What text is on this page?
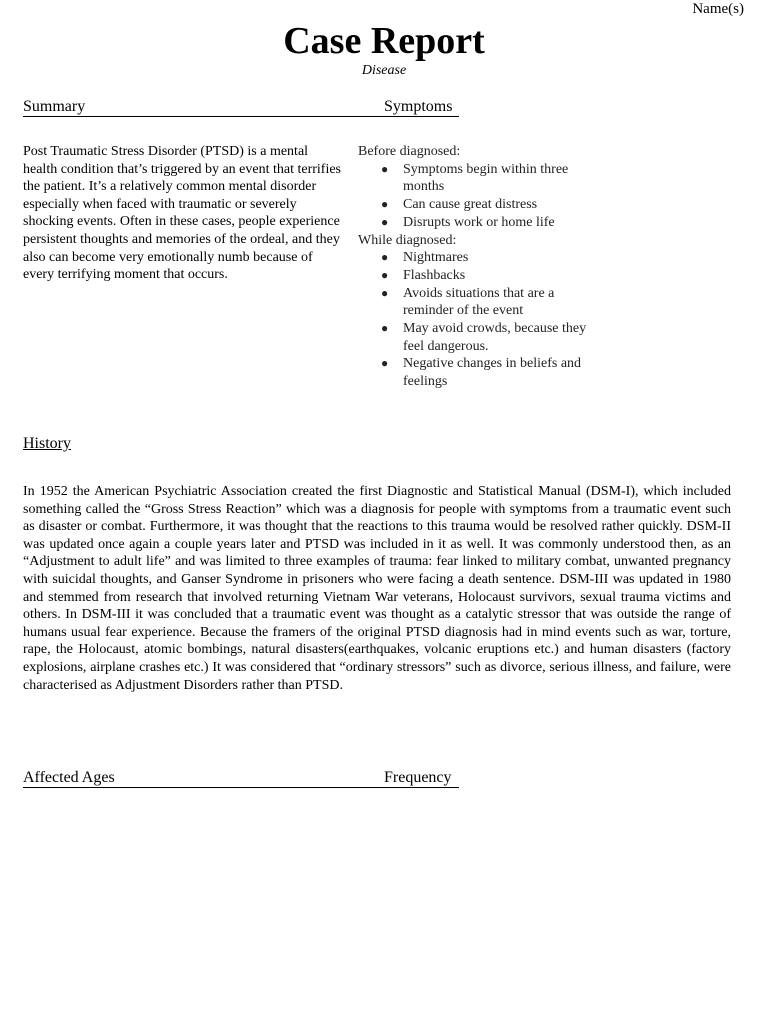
Name(s)
Case Report
Disease
Summary	Symptoms
Post Traumatic Stress Disorder (PTSD) is a mental health condition that’s triggered by an event that terrifies the patient. It’s a relatively common mental disorder especially when faced with traumatic or severely shocking events. Often in these cases, people experience persistent thoughts and memories of the ordeal, and they also can become very emotionally numb because of every terrifying moment that occurs.
Before diagnosed:
● Symptoms begin within three months
● Can cause great distress
● Disrupts work or home life
While diagnosed:
● Nightmares
● Flashbacks
● Avoids situations that are a reminder of the event
● May avoid crowds, because they feel dangerous.
● Negative changes in beliefs and feelings
History
In 1952 the American Psychiatric Association created the first Diagnostic and Statistical Manual (DSM-I), which included something called the “Gross Stress Reaction” which was a diagnosis for people with symptoms from a traumatic event such as disaster or combat. Furthermore, it was thought that the reactions to this trauma would be resolved rather quickly. DSM-II was updated once again a couple years later and PTSD was included in it as well. It was commonly understood then, as an “Adjustment to adult life” and was limited to three examples of trauma: fear linked to military combat, unwanted pregnancy with suicidal thoughts, and Ganser Syndrome in prisoners who were facing a death sentence. DSM-III was updated in 1980 and stemmed from research that involved returning Vietnam War veterans, Holocaust survivors, sexual trauma victims and others. In DSM-III it was concluded that a traumatic event was thought as a catalytic stressor that was outside the range of humans usual fear experience. Because the framers of the original PTSD diagnosis had in mind events such as war, torture, rape, the Holocaust, atomic bombings, natural disasters(earthquakes, volcanic eruptions etc.) and human disasters (factory explosions, airplane crashes etc.) It was considered that “ordinary stressors” such as divorce, serious illness, and failure, were characterised as Adjustment Disorders rather than PTSD.
Affected Ages	Frequency
